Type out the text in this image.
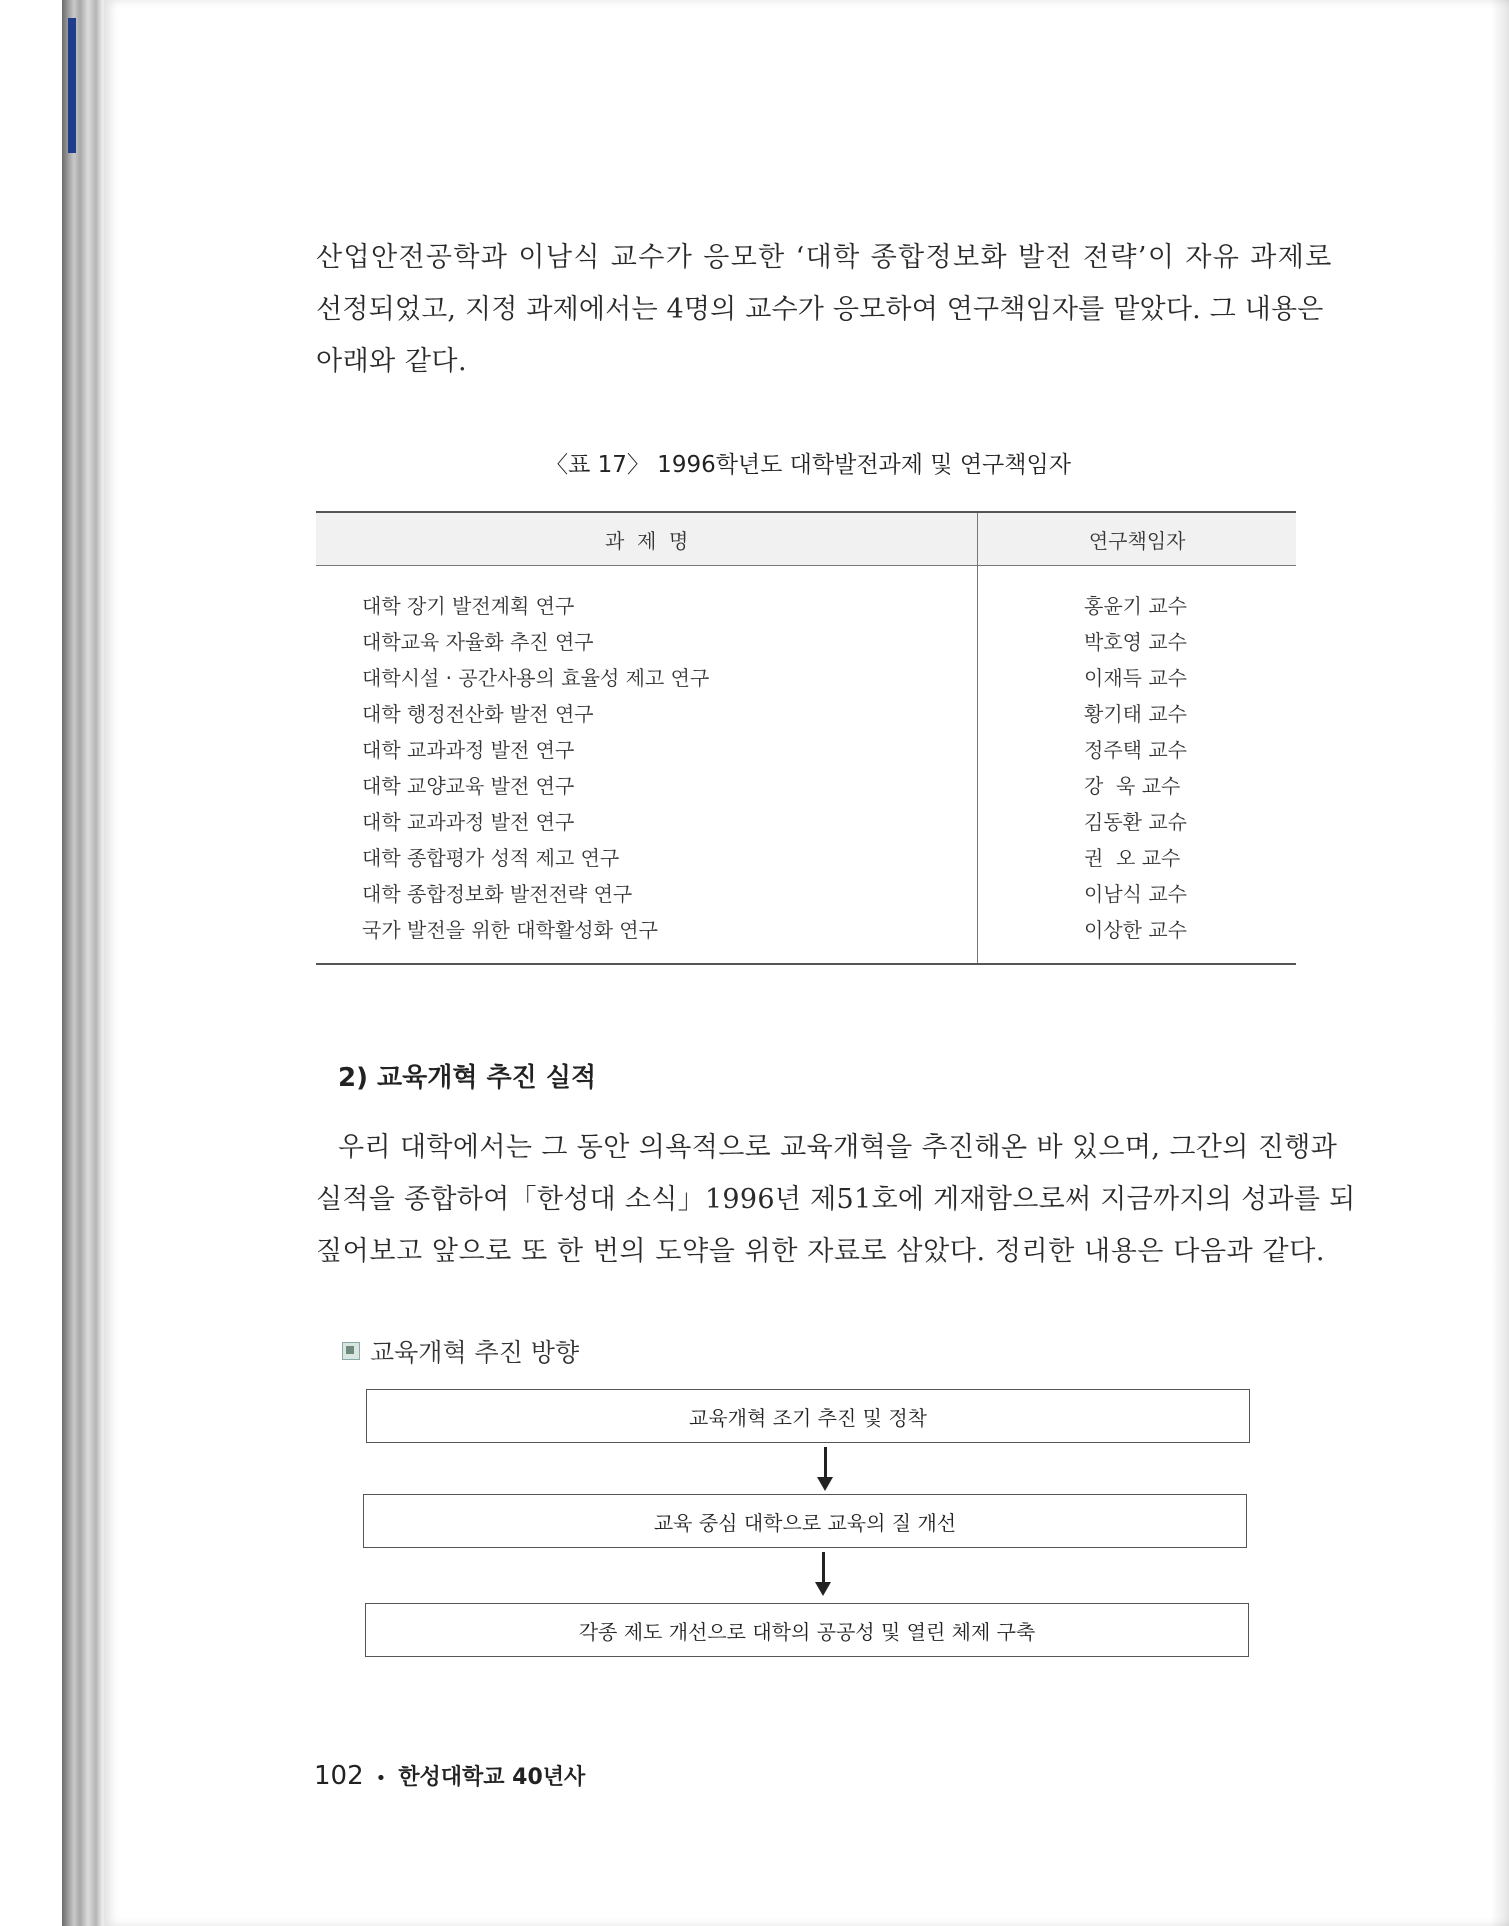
산업안전공학과 이남식 교수가 응모한 ‘대학 종합정보화 발전 전략’이 자유 과제로
선정되었고, 지정 과제에서는 4명의 교수가 응모하여 연구책임자를 맡았다. 그 내용은
아래와 같다.
〈표 17〉 1996학년도 대학발전과제 및 연구책임자
과  제  명	연구책임자
대학 장기 발전계획 연구
대학교육 자율화 추진 연구
대학시설 · 공간사용의 효율성 제고 연구
대학 행정전산화 발전 연구
대학 교과과정 발전 연구
대학 교양교육 발전 연구
대학 교과과정 발전 연구
대학 종합평가 성적 제고 연구
대학 종합정보화 발전전략 연구
국가 발전을 위한 대학활성화 연구
홍윤기 교수
박호영 교수
이재득 교수
황기태 교수
정주택 교수
강  욱 교수
김동환 교슈
권  오 교수
이남식 교수
이상한 교수
2) 교육개혁 추진 실적
우리 대학에서는 그 동안 의욕적으로 교육개혁을 추진해온 바 있으며, 그간의 진행과
실적을 종합하여「한성대 소식」1996년 제51호에 게재함으로써 지금까지의 성과를 되
짚어보고 앞으로 또 한 번의 도약을 위한 자료로 삼았다. 정리한 내용은 다음과 같다.
교육개혁 추진 방향
교육개혁 조기 추진 및 정착
교육 중심 대학으로 교육의 질 개선
각종 제도 개선으로 대학의 공공성 및 열린 체제 구축
102 • 한성대학교 40년사
